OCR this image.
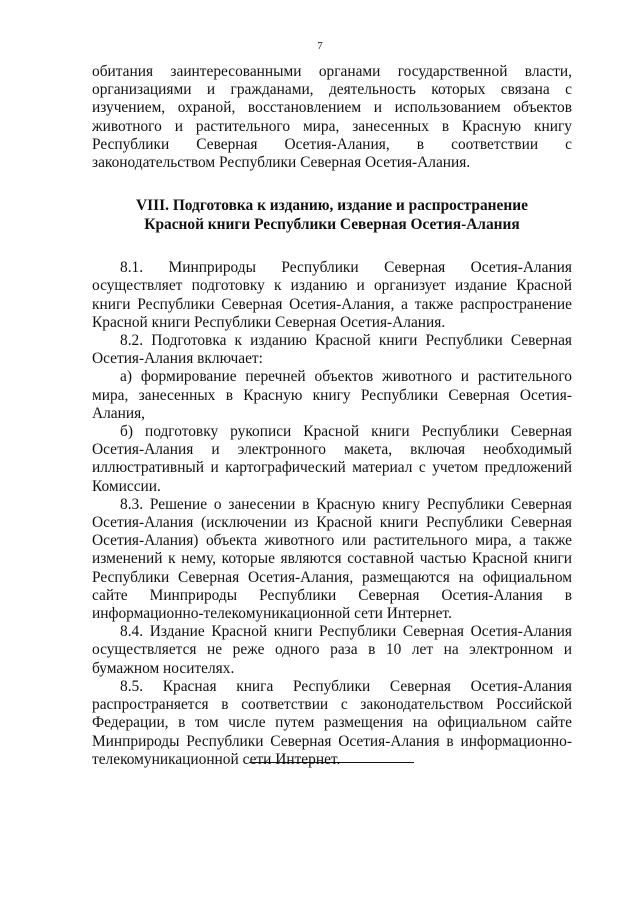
7

обитания заинтересованными органами государственной власти, организациями и гражданами, деятельность которых связана с изучением, охраной, восстановлением и использованием объектов животного и растительного мира, занесенных в Красную книгу Республики Северная Осетия-Алания, в соответствии с законодательством Республики Северная Осетия-Алания.

VIII. Подготовка к изданию, издание и распространение
Красной книги Республики Северная Осетия-Алания

8.1. Минприроды Республики Северная Осетия-Алания осуществляет подготовку к изданию и организует издание Красной книги Республики Северная Осетия-Алания, а также распространение Красной книги Республики Северная Осетия-Алания.

8.2. Подготовка к изданию Красной книги Республики Северная Осетия-Алания включает:

а) формирование перечней объектов животного и растительного мира, занесенных в Красную книгу Республики Северная Осетия-Алания,

б) подготовку рукописи Красной книги Республики Северная Осетия-Алания и электронного макета, включая необходимый иллюстративный и картографический материал с учетом предложений Комиссии.

8.3. Решение о занесении в Красную книгу Республики Северная Осетия-Алания (исключении из Красной книги Республики Северная Осетия-Алания) объекта животного или растительного мира, а также изменений к нему, которые являются составной частью Красной книги Республики Северная Осетия-Алания, размещаются на официальном сайте Минприроды Республики Северная Осетия-Алания в информационно-телекомуникационной сети Интернет.

8.4. Издание Красной книги Республики Северная Осетия-Алания осуществляется не реже одного раза в 10 лет на электронном и бумажном носителях.

8.5. Красная книга Республики Северная Осетия-Алания распространяется в соответствии с законодательством Российской Федерации, в том числе путем размещения на официальном сайте Минприроды Республики Северная Осетия-Алания в информационно-телекомуникационной сети Интернет.
